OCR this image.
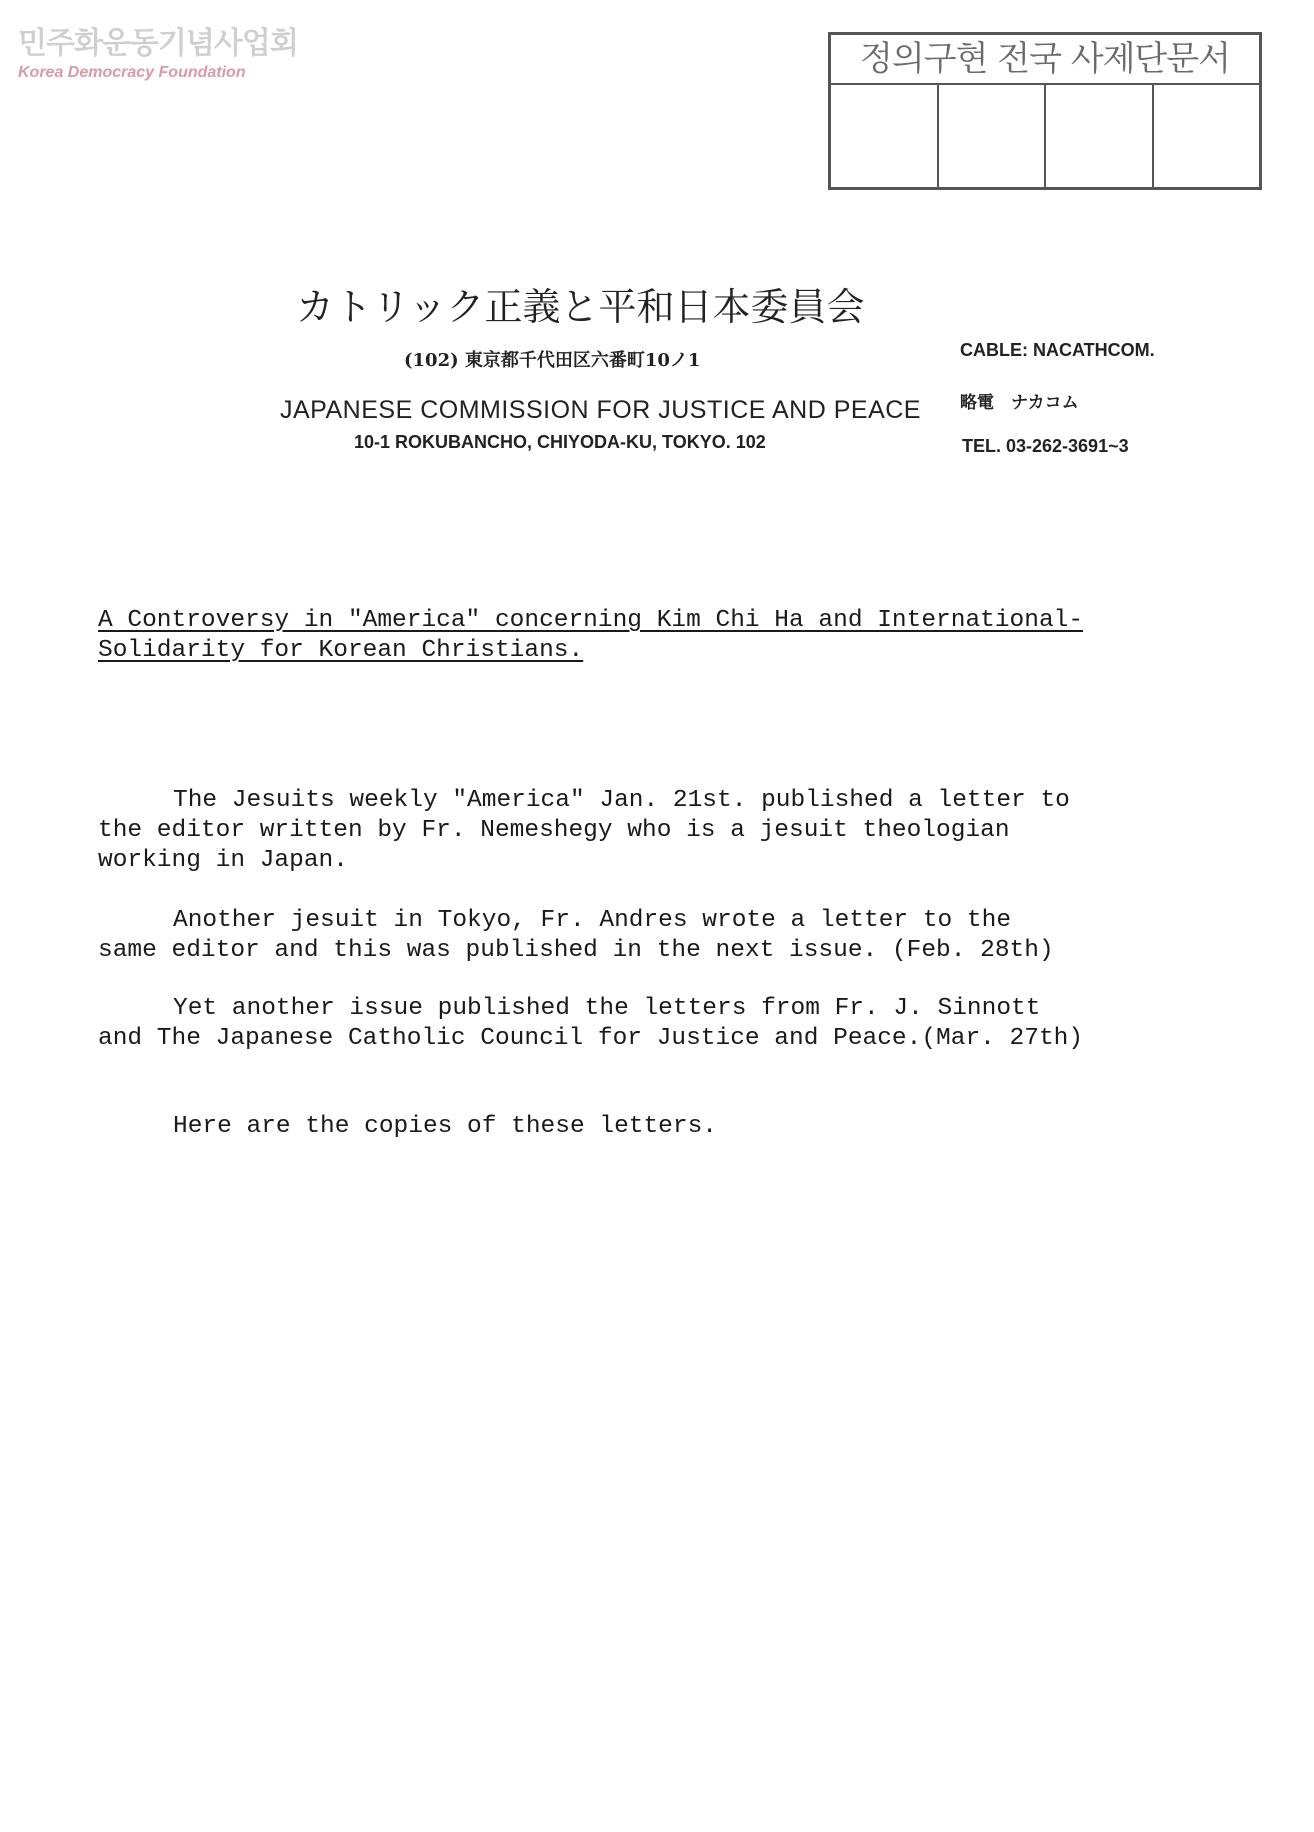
민주화운동기념사업회
Korea Democracy Foundation	정의구현 전국 사제단문서
カトリック正義と平和日本委員会
(102) 東京都千代田区六番町10ノ1
JAPANESE COMMISSION FOR JUSTICE AND PEACE
10-1 ROKUBANCHO, CHIYODA-KU, TOKYO. 102
CABLE: NACATHCOM.
略電　ナカコム
TEL. 03-262-3691~3
A Controversy in "America" concerning Kim Chi Ha and International-
Solidarity for Korean Christians.
The Jesuits weekly "America" Jan. 21st. published a letter to
the editor written by Fr. Nemeshegy who is a jesuit theologian
working in Japan.
Another jesuit in Tokyo, Fr. Andres wrote a letter to the
same editor and this was published in the next issue. (Feb. 28th)
Yet another issue published the letters from Fr. J. Sinnott
and The Japanese Catholic Council for Justice and Peace.(Mar. 27th)
Here are the copies of these letters.
